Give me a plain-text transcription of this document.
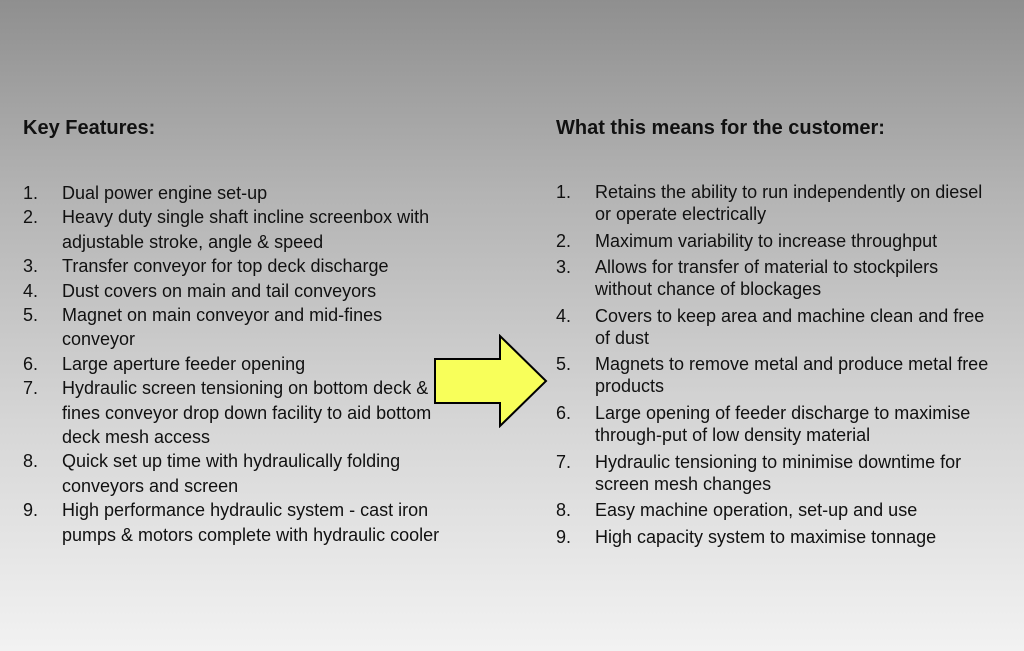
Key Features:
1.	Dual power engine set-up
2.	Heavy duty single shaft incline screenbox with adjustable stroke, angle & speed
3.	Transfer conveyor for top deck discharge
4.	Dust covers on main and tail conveyors
5.	Magnet on main conveyor and mid-fines conveyor
6.	Large aperture feeder opening
7.	Hydraulic screen tensioning on bottom deck & fines conveyor drop down facility to aid bottom deck mesh access
8.	Quick set up time with hydraulically folding conveyors and screen
9.	High performance hydraulic system - cast iron pumps & motors complete with hydraulic cooler
What this means for the customer:
1.	Retains the ability to run independently on diesel or operate electrically
2.	Maximum variability to increase throughput
3.	Allows for transfer of material to stockpilers without chance of blockages
4.	Covers to keep area and machine clean and free of dust
5.	Magnets to remove metal and produce metal free products
6.	Large opening of feeder discharge to maximise through-put of low density material
7.	Hydraulic tensioning to minimise downtime for screen mesh changes
8.	Easy machine operation, set-up and use
9.	High capacity system to maximise tonnage
